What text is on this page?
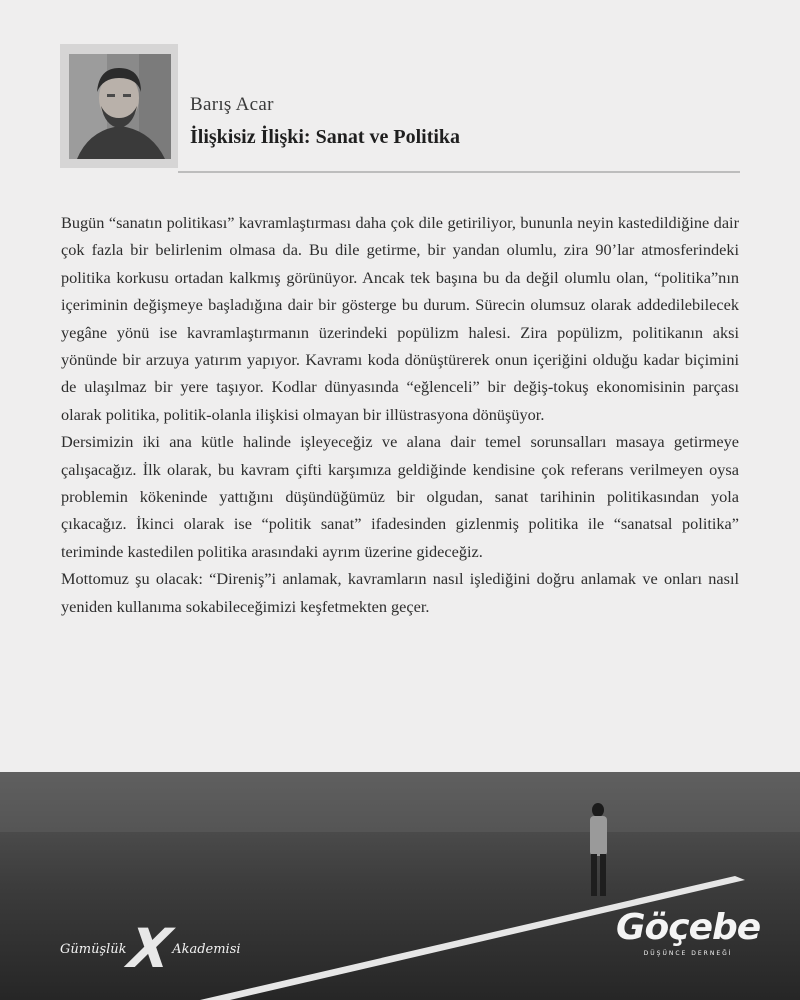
Barış Acar
İlişkisiz İlişki: Sanat ve Politika

Bugün “sanatın politikası” kavramlaştırması daha çok dile getiriliyor, bununla neyin kastedildiğine dair çok fazla bir belirlenim olmasa da. Bu dile getirme, bir yandan olumlu, zira 90’lar atmosferindeki politika korkusu ortadan kalkmış görünüyor. Ancak tek başına bu da değil olumlu olan, “politika”nın içeriminin değişmeye başladığına dair bir gösterge bu durum. Sürecin olumsuz olarak addedilebilecek yegâne yönü ise kavramlaştırmanın üzerindeki popülizm halesi. Zira popülizm, politikanın aksi yönünde bir arzuya yatırım yapıyor. Kavramı koda dönüştürerek onun içeriğini olduğu kadar biçimini de ulaşılmaz bir yere taşıyor. Kodlar dünyasında “eğlenceli” bir değiş-tokuş ekonomisinin parçası olarak politika, politik-olanla ilişkisi olmayan bir illüstrasyona dönüşüyor.

Dersimizin iki ana kütle halinde işleyeceğiz ve alana dair temel sorunsalları masaya getirmeye çalışacağız. İlk olarak, bu kavram çifti karşımıza geldiğinde kendisine çok referans verilmeyen oysa problemin kökeninde yattığını düşündüğümüz bir olgudan, sanat tarihinin politikasından yola çıkacağız. İkinci olarak ise “politik sanat” ifadesinden gizlenmiş politika ile “sanatsal politika” teriminde kastedilen politika arasındaki ayrım üzerine gideceğiz.

Mottomuz şu olacak: “Direniş”i anlamak, kavramların nasıl işlediğini doğru anlamak ve onları nasıl yeniden kullanıma sokabileceğimizi keşfetmekten geçer.

Gümüşlük
X
Akademisi
Göçebe
DÜŞÜNCE DERNEĞİ
